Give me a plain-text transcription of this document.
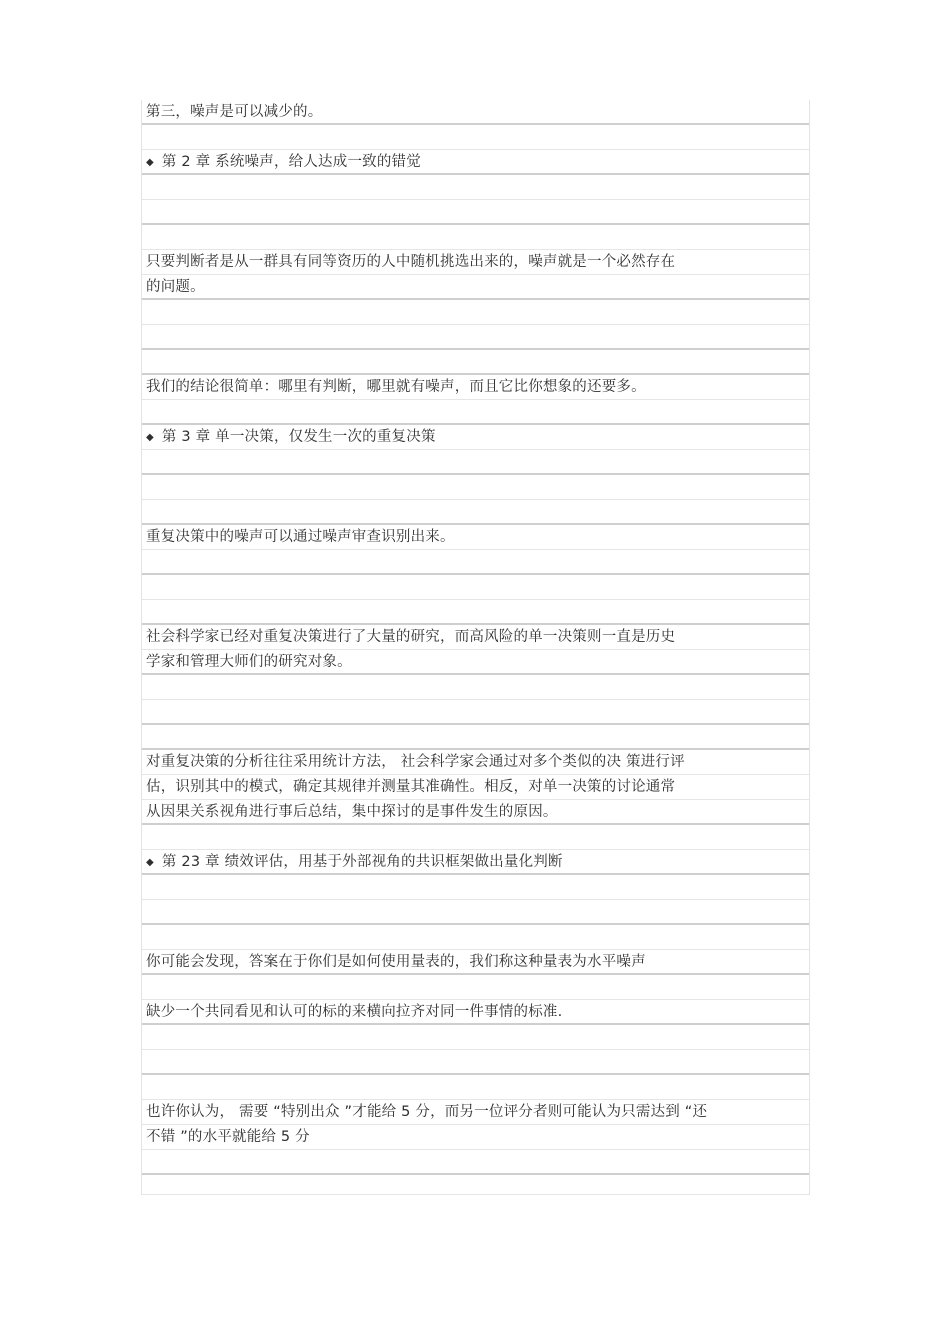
第三，噪声是可以减少的。
◆ 第 2 章 系统噪声，给人达成一致的错觉
只要判断者是从一群具有同等资历的人中随机挑选出来的，噪声就是一个必然存在
的问题。
我们的结论很简单：哪里有判断，哪里就有噪声，而且它比你想象的还要多。
◆ 第 3 章 单一决策，仅发生一次的重复决策
重复决策中的噪声可以通过噪声审查识别出来。
社会科学家已经对重复决策进行了大量的研究，而高风险的单一决策则一直是历史
学家和管理大师们的研究对象。
对重复决策的分析往往采用统计方法， 社会科学家会通过对多个类似的决 策进行评
估，识别其中的模式，确定其规律并测量其准确性。相反，对单一决策的讨论通常
从因果关系视角进行事后总结，集中探讨的是事件发生的原因。
◆ 第 23 章 绩效评估，用基于外部视角的共识框架做出量化判断
你可能会发现，答案在于你们是如何使用量表的，我们称这种量表为水平噪声
缺少一个共同看见和认可的标的来横向拉齐对同一件事情的标准.
也许你认为， 需要 “特别出众 ”才能给 5 分，而另一位评分者则可能认为只需达到 “还
不错 ”的水平就能给 5 分
